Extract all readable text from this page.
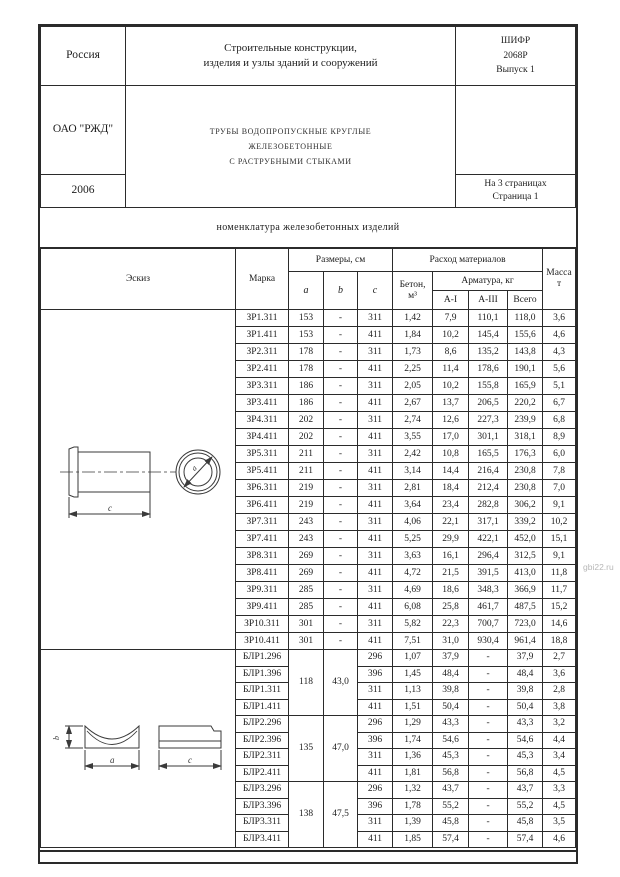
Россия	
Строительные конструкции,
изделия и узлы зданий и сооружений

ШИФР
2068Р
Выпуск 1

ОАО "РЖД"	ТРУБЫ ВОДОПРОПУСКНЫЕ КРУГЛЫЕ
ЖЕЛЕЗОБЕТОННЫЕ
С РАСТРУБНЫМИ СТЫКАМИ	

2006		На 3 страницах
Страница 1
номенклатура железобетонных изделий
Эскиз	Марка	Размеры, см			Расход материалов				Масса
т

		a	b	c	Бетон,
м³	Арматура, кг			
						А-I	А-III	Всего	

c
a	ЗР1.311	153	-	311	1,42	7,9	110,1	118,0	3,6
	ЗР1.411	153	-	411	1,84	10,2	145,4	155,6	4,6
	ЗР2.311	178	-	311	1,73	8,6	135,2	143,8	4,3
	ЗР2.411	178	-	411	2,25	11,4	178,6	190,1	5,6
	ЗР3.311	186	-	311	2,05	10,2	155,8	165,9	5,1
	ЗР3.411	186	-	411	2,67	13,7	206,5	220,2	6,7
	ЗР4.311	202	-	311	2,74	12,6	227,3	239,9	6,8
	ЗР4.411	202	-	411	3,55	17,0	301,1	318,1	8,9
	ЗР5.311	211	-	311	2,42	10,8	165,5	176,3	6,0
	ЗР5.411	211	-	411	3,14	14,4	216,4	230,8	7,8
	ЗР6.311	219	-	311	2,81	18,4	212,4	230,8	7,0
	ЗР6.411	219	-	411	3,64	23,4	282,8	306,2	9,1
	ЗР7.311	243	-	311	4,06	22,1	317,1	339,2	10,2
	ЗР7.411	243	-	411	5,25	29,9	422,1	452,0	15,1
	ЗР8.311	269	-	311	3,63	16,1	296,4	312,5	9,1
	ЗР8.411	269	-	411	4,72	21,5	391,5	413,0	11,8
	ЗР9.311	285	-	311	4,69	18,6	348,3	366,9	11,7
	ЗР9.411	285	-	411	6,08	25,8	461,7	487,5	15,2
	ЗР10.311	301	-	311	5,82	22,3	700,7	723,0	14,6
	ЗР10.411	301	-	411	7,51	31,0	930,4	961,4	18,8

b
a c	БЛР1.296	118	43,0	296	1,07	37,9	-	37,9	2,7
	БЛР1.396			396	1,45	48,4	-	48,4	3,6
	БЛР1.311			311	1,13	39,8	-	39,8	2,8
	БЛР1.411			411	1,51	50,4	-	50,4	3,8
	БЛР2.296	135	47,0	296	1,29	43,3	-	43,3	3,2
	БЛР2.396			396	1,74	54,6	-	54,6	4,4
	БЛР2.311			311	1,36	45,3	-	45,3	3,4
	БЛР2.411			411	1,81	56,8	-	56,8	4,5
	БЛР3.296	138	47,5	296	1,32	43,7	-	43,7	3,3
	БЛР3.396			396	1,78	55,2	-	55,2	4,5
	БЛР3.311			311	1,39	45,8	-	45,8	3,5
	БЛР3.411			411	1,85	57,4	-	57,4	4,6
gbi22.ru
